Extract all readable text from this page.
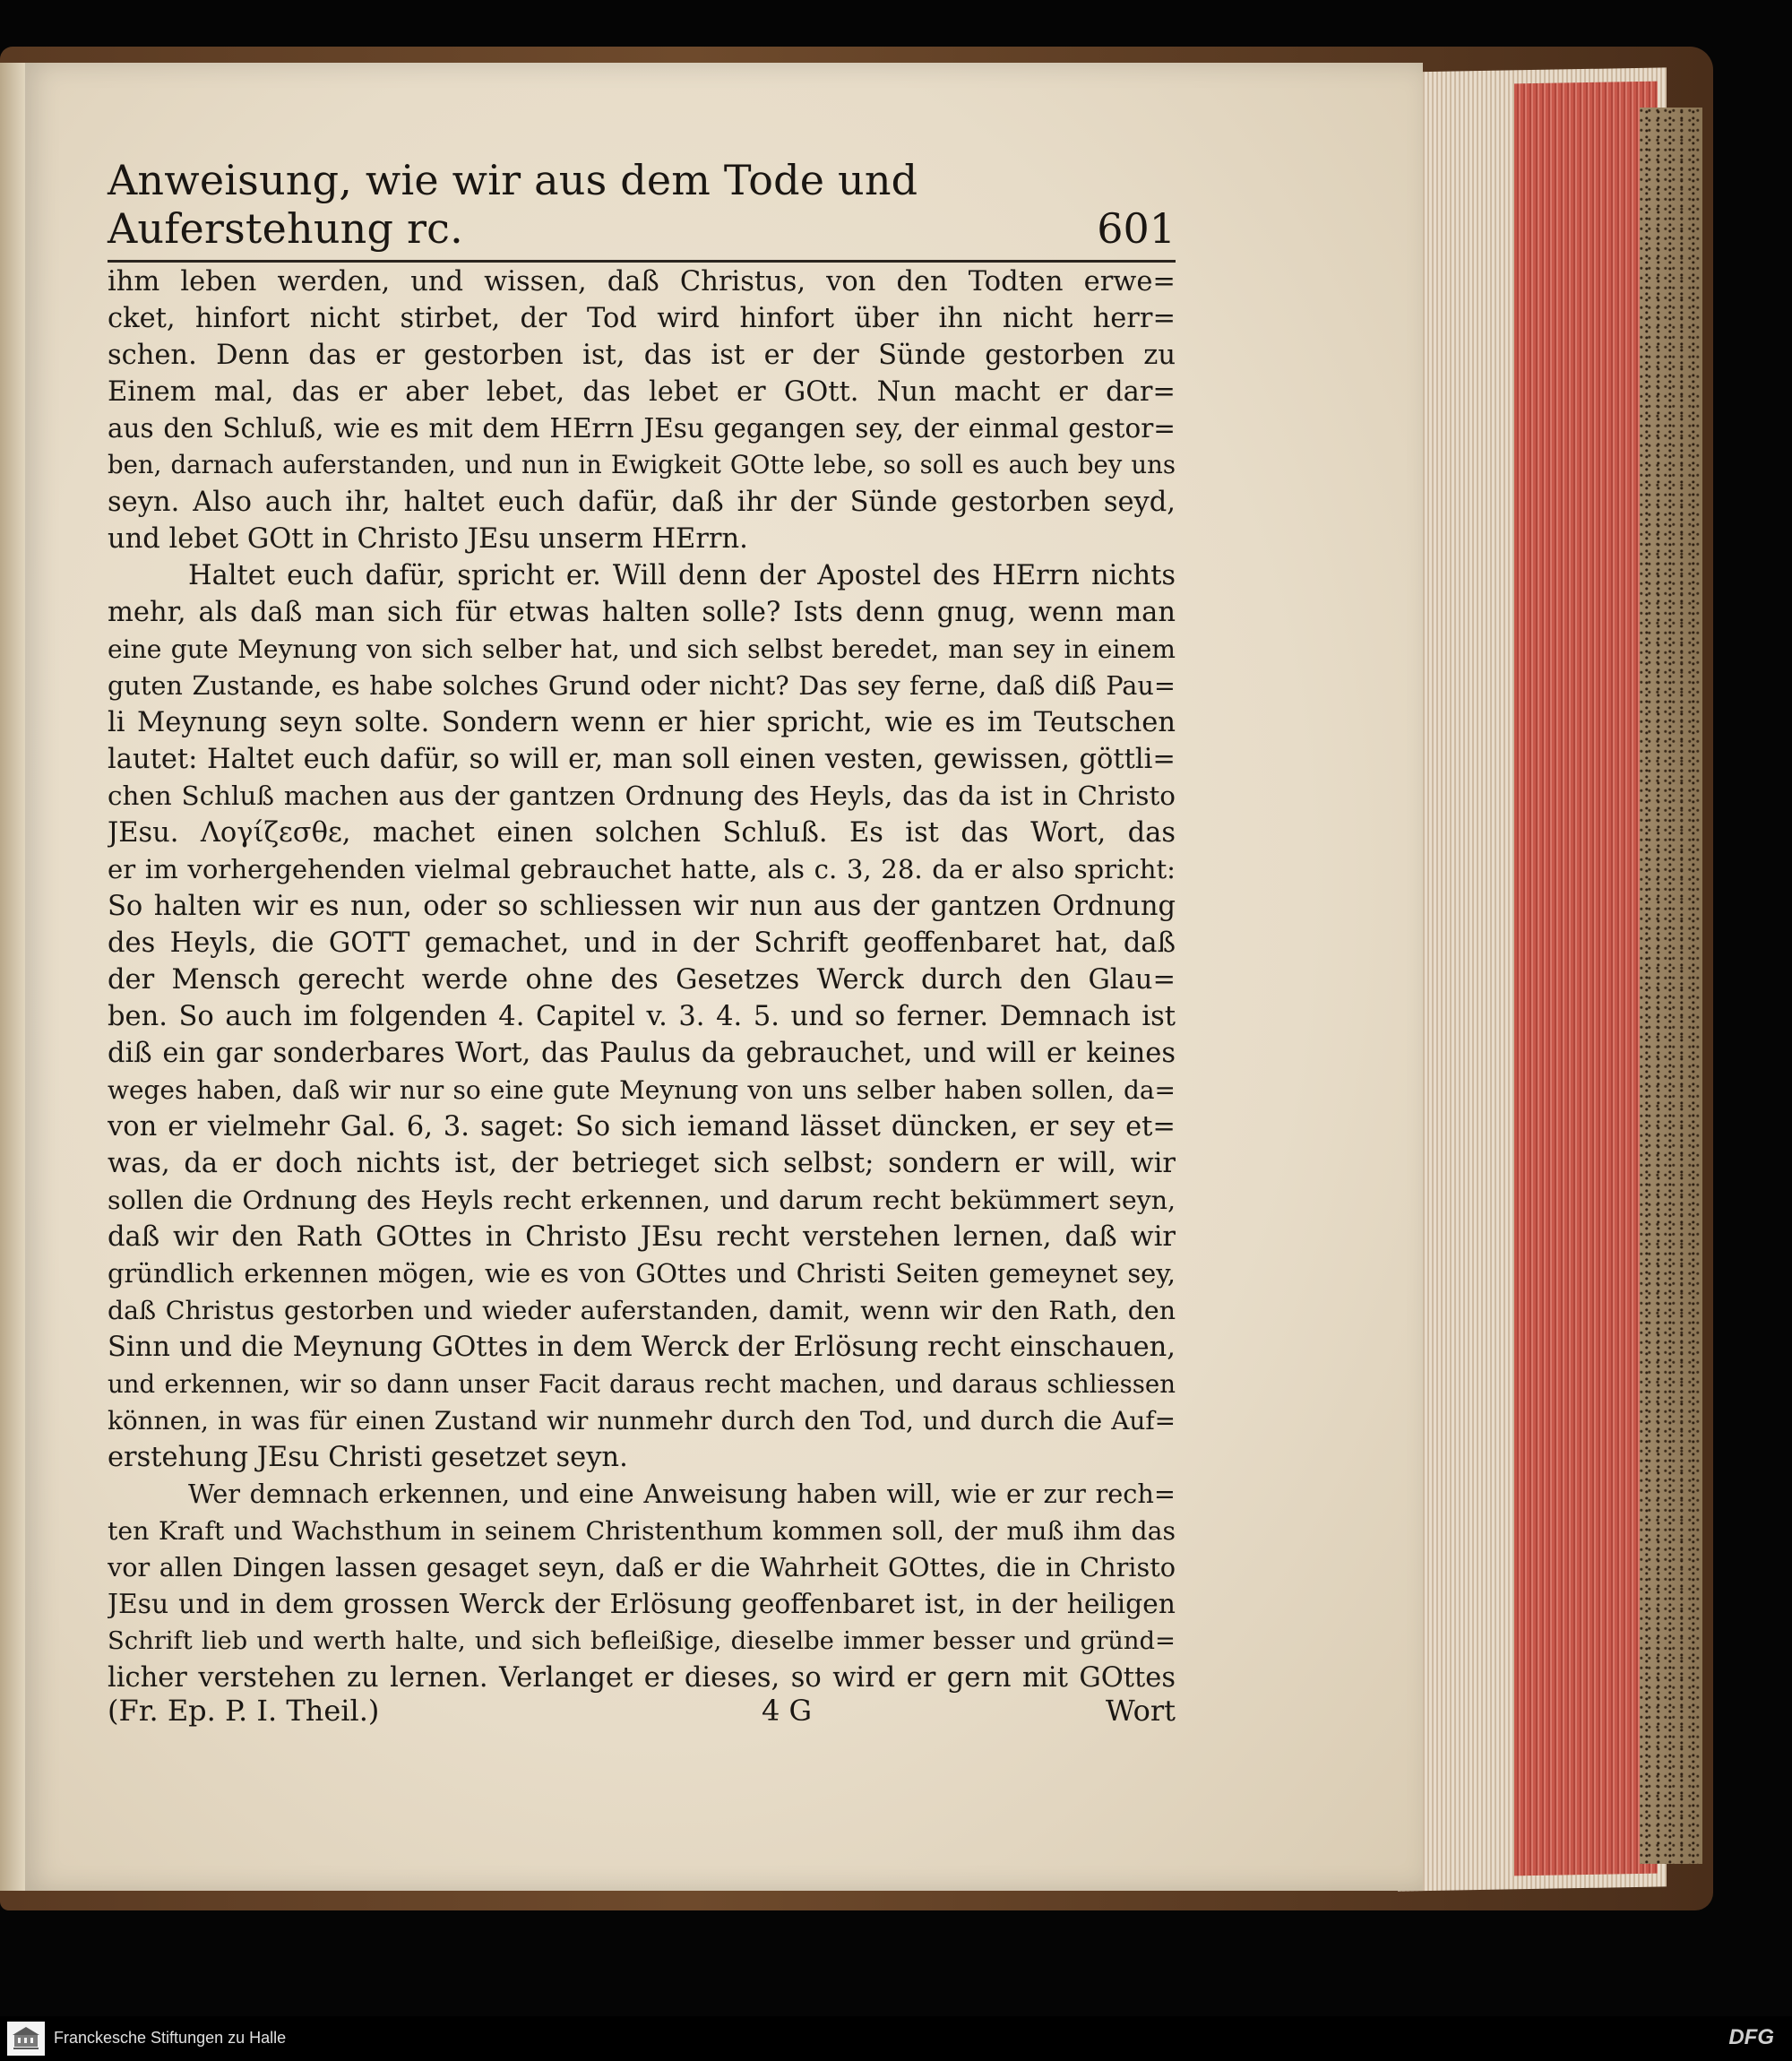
Anweisung, wie wir aus dem Tode und Auferstehung rc.	601
ihm leben werden, und wissen, daß Christus, von den Todten erwe=
cket, hinfort nicht stirbet, der Tod wird hinfort über ihn nicht herr=
schen. Denn das er gestorben ist, das ist er der Sünde gestorben zu
Einem mal, das er aber lebet, das lebet er GOtt. Nun macht er dar=
aus den Schluß, wie es mit dem HErrn JEsu gegangen sey, der einmal gestor=
ben, darnach auferstanden, und nun in Ewigkeit GOtte lebe, so soll es auch bey uns
seyn. Also auch ihr, haltet euch dafür, daß ihr der Sünde gestorben seyd,
und lebet GOtt in Christo JEsu unserm HErrn.
Haltet euch dafür, spricht er. Will denn der Apostel des HErrn nichts
mehr, als daß man sich für etwas halten solle? Ists denn gnug, wenn man
eine gute Meynung von sich selber hat, und sich selbst beredet, man sey in einem
guten Zustande, es habe solches Grund oder nicht? Das sey ferne, daß diß Pau=
li Meynung seyn solte. Sondern wenn er hier spricht, wie es im Teutschen
lautet: Haltet euch dafür, so will er, man soll einen vesten, gewissen, göttli=
chen Schluß machen aus der gantzen Ordnung des Heyls, das da ist in Christo
JEsu. Λογίζεσθε, machet einen solchen Schluß. Es ist das Wort, das
er im vorhergehenden vielmal gebrauchet hatte, als c. 3, 28. da er also spricht:
So halten wir es nun, oder so schliessen wir nun aus der gantzen Ordnung
des Heyls, die GOTT gemachet, und in der Schrift geoffenbaret hat, daß
der Mensch gerecht werde ohne des Gesetzes Werck durch den Glau=
ben. So auch im folgenden 4. Capitel v. 3. 4. 5. und so ferner. Demnach ist
diß ein gar sonderbares Wort, das Paulus da gebrauchet, und will er keines
weges haben, daß wir nur so eine gute Meynung von uns selber haben sollen, da=
von er vielmehr Gal. 6, 3. saget: So sich iemand lässet düncken, er sey et=
was, da er doch nichts ist, der betrieget sich selbst; sondern er will, wir
sollen die Ordnung des Heyls recht erkennen, und darum recht bekümmert seyn,
daß wir den Rath GOttes in Christo JEsu recht verstehen lernen, daß wir
gründlich erkennen mögen, wie es von GOttes und Christi Seiten gemeynet sey,
daß Christus gestorben und wieder auferstanden, damit, wenn wir den Rath, den
Sinn und die Meynung GOttes in dem Werck der Erlösung recht einschauen,
und erkennen, wir so dann unser Facit daraus recht machen, und daraus schliessen
können, in was für einen Zustand wir nunmehr durch den Tod, und durch die Auf=
erstehung JEsu Christi gesetzet seyn.
Wer demnach erkennen, und eine Anweisung haben will, wie er zur rech=
ten Kraft und Wachsthum in seinem Christenthum kommen soll, der muß ihm das
vor allen Dingen lassen gesaget seyn, daß er die Wahrheit GOttes, die in Christo
JEsu und in dem grossen Werck der Erlösung geoffenbaret ist, in der heiligen
Schrift lieb und werth halte, und sich befleißige, dieselbe immer besser und gründ=
licher verstehen zu lernen. Verlanget er dieses, so wird er gern mit GOttes
(Fr. Ep. P. I. Theil.)	4 G	Wort
Franckesche Stiftungen zu Halle	DFG
